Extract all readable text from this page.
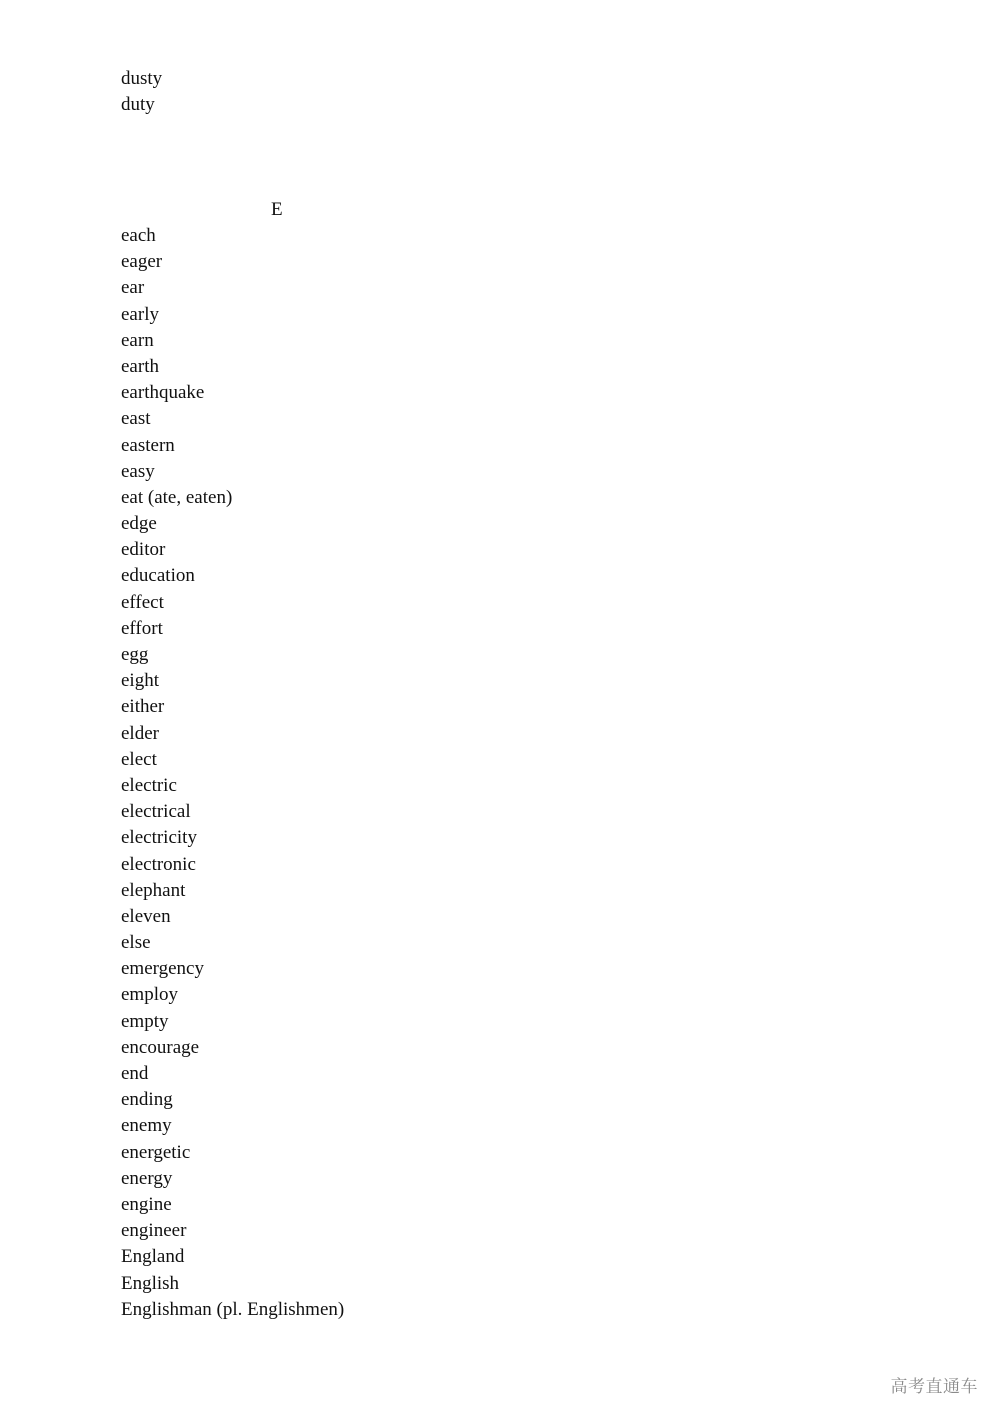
dusty
duty
E
each
eager
ear
early
earn
earth
earthquake
east
eastern
easy
eat (ate, eaten)
edge
editor
education
effect
effort
egg
eight
either
elder
elect
electric
electrical
electricity
electronic
elephant
eleven
else
emergency
employ
empty
encourage
end
ending
enemy
energetic
energy
engine
engineer
England
English
Englishman (pl. Englishmen)
高考直通车
